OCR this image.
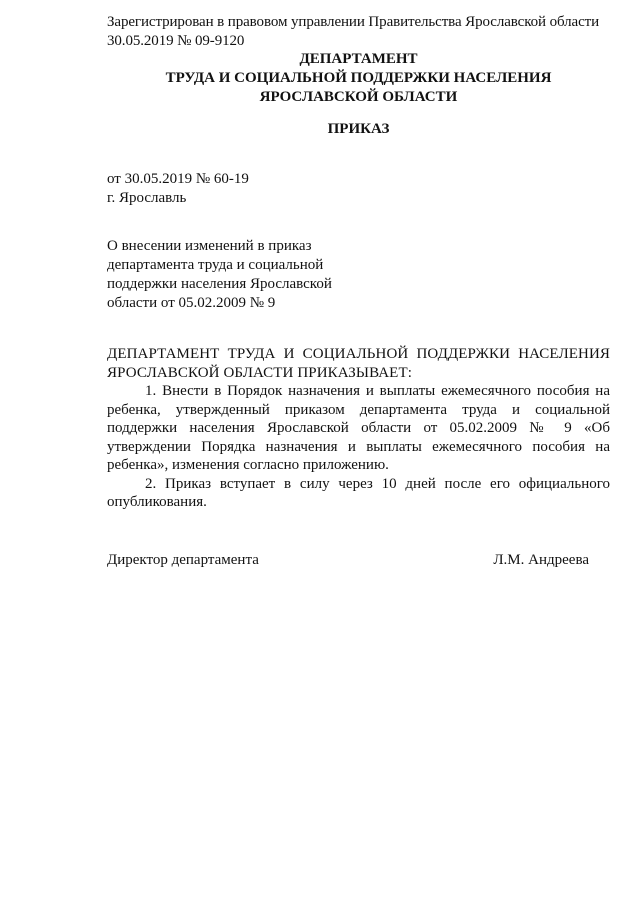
Зарегистрирован в правовом управлении Правительства Ярославской области
30.05.2019 № 09-9120
ДЕПАРТАМЕНТ
ТРУДА И СОЦИАЛЬНОЙ ПОДДЕРЖКИ НАСЕЛЕНИЯ
ЯРОСЛАВСКОЙ ОБЛАСТИ
ПРИКАЗ
от 30.05.2019 № 60-19
г. Ярославль
О внесении изменений в приказ
департамента труда и социальной
поддержки населения Ярославской
области от 05.02.2009 № 9
ДЕПАРТАМЕНТ ТРУДА И СОЦИАЛЬНОЙ ПОДДЕРЖКИ НАСЕЛЕНИЯ ЯРОСЛАВСКОЙ ОБЛАСТИ ПРИКАЗЫВАЕТ:
1. Внести в Порядок назначения и выплаты ежемесячного пособия на ребенка, утвержденный приказом департамента труда и социальной поддержки населения Ярославской области от 05.02.2009 № 9 «Об утверждении Порядка назначения и выплаты ежемесячного пособия на ребенка», изменения согласно приложению.
2. Приказ вступает в силу через 10 дней после его официального опубликования.
Директор департамента	Л.М. Андреева
